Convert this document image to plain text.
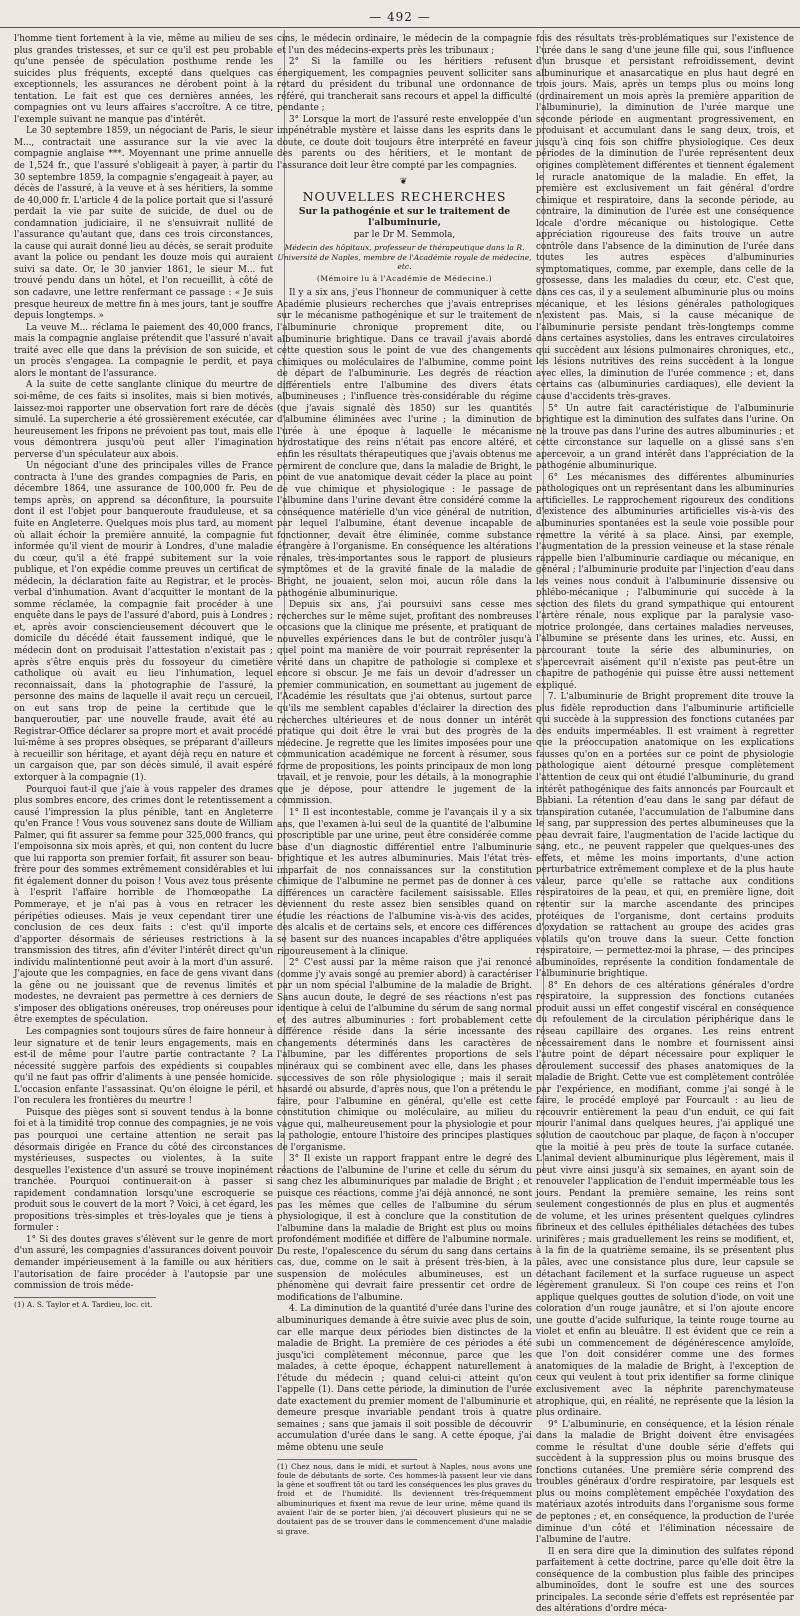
— 492 —

l'homme tient fortement à la vie, même au milieu de ses plus grandes tristesses, et sur ce qu'il est peu probable qu'une pensée de spéculation posthume rende les suicides plus fréquents, excepté dans quelques cas exceptionnels, les assurances ne dérobent point à la tentation. Le fait est que ces dernières années, les compagnies ont vu leurs affaires s'accroître. A ce titre, l'exemple suivant ne manque pas d'intérêt.

Le 30 septembre 1859, un négociant de Paris, le sieur M..., contractait une assurance sur la vie avec la compagnie anglaise ***. Moyennant une prime annuelle de 1,524 fr., que l'assuré s'obligeait à payer, à partir du 30 septembre 1859, la compagnie s'engageait à payer, au décès de l'assuré, à la veuve et à ses héritiers, la somme de 40,000 fr. L'article 4 de la police portait que si l'assuré perdait la vie par suite de suicide, de duel ou de condamnation judiciaire, il ne s'ensuivrait nullité de l'assurance qu'autant que, dans ces trois circonstances, la cause qui aurait donné lieu au décès, se serait produite avant la police ou pendant les douze mois qui auraient suivi sa date. Or, le 30 janvier 1861, le sieur M... fut trouvé pendu dans un hôtel, et l'on recueillit, à côté de son cadavre, une lettre renfermant ce passage : « Je suis presque heureux de mettre fin à mes jours, tant je souffre depuis longtemps. »

La veuve M... réclama le paiement des 40,000 francs, mais la compagnie anglaise prétendit que l'assuré n'avait traité avec elle que dans la prévision de son suicide, et un procès s'engagea. La compagnie le perdit, et paya alors le montant de l'assurance.

A la suite de cette sanglante clinique du meurtre de soi-même, de ces faits si insolites, mais si bien motivés, laissez-moi rapporter une observation fort rare de décès simulé. La supercherie a été grossièrement exécutée, car heureusement les fripons ne prévoient pas tout, mais elle vous démontrera jusqu'où peut aller l'imagination perverse d'un spéculateur aux abois.

Un négociant d'une des principales villes de France contracta à l'une des grandes compagnies de Paris, en décembre 1864, une assurance de 100,000 fr. Peu de temps après, on apprend sa déconfiture, la poursuite dont il est l'objet pour banqueroute frauduleuse, et sa fuite en Angleterre. Quelques mois plus tard, au moment où allait échoir la première annuité, la compagnie fut informée qu'il vient de mourir à Londres, d'une maladie du cœur, qu'il a été frappé subitement sur la voie publique, et l'on expédie comme preuves un certificat de médecin, la déclaration faite au Registrar, et le procès-verbal d'inhumation. Avant d'acquitter le montant de la somme réclamée, la compagnie fait procéder à une enquête dans le pays de l'assuré d'abord, puis à Londres ; et, après avoir consciencieusement découvert que le domicile du décédé était faussement indiqué, que le médecin dont on produisait l'attestation n'existait pas ; après s'être enquis près du fossoyeur du cimetière catholique où avait eu lieu l'inhumation, lequel reconnaissait, dans la photographie de l'assuré, la personne des mains de laquelle il avait reçu un cercueil, on eut sans trop de peine la certitude que le banqueroutier, par une nouvelle fraude, avait été au Registrar-Office déclarer sa propre mort et avait procédé lui-même à ses propres obsèques, se préparant d'ailleurs à recueillir son héritage, et ayant déjà reçu en nature et un cargaison que, par son décès simulé, il avait espéré extorquer à la compagnie (1).

Pourquoi faut-il que j'aie à vous rappeler des drames plus sombres encore, des crimes dont le retentissement a causé l'impression la plus pénible, tant en Angleterre qu'en France ! Vous vous souvenez sans doute de William Palmer, qui fit assurer sa femme pour 325,000 francs, qui l'empoisonna six mois après, et qui, non content du lucre que lui rapporta son premier forfait, fit assurer son beau-frère pour des sommes extrêmement considérables et lui fit également donner du poison ! Vous avez tous présente à l'esprit l'affaire horrible de l'homœopathe La Pommeraye, et je n'ai pas à vous en retracer les péripéties odieuses. Mais je veux cependant tirer une conclusion de ces deux faits : c'est qu'il importe d'apporter désormais de sérieuses restrictions à la transmission des titres, afin d'éviter l'intérêt direct qu'un individu malintentionné peut avoir à la mort d'un assuré. J'ajoute que les compagnies, en face de gens vivant dans la gêne ou ne jouissant que de revenus limités et modestes, ne devraient pas permettre à ces derniers de s'imposer des obligations onéreuses, trop onéreuses pour être exemptes de spéculation.

Les compagnies sont toujours sûres de faire honneur à leur signature et de tenir leurs engagements, mais en est-il de même pour l'autre partie contractante ? La nécessité suggère parfois des expédients si coupables qu'il ne faut pas offrir d'aliments à une pensée homicide. L'occasion enfante l'assassinat. Qu'on éloigne le péril, et l'on reculera les frontières du meurtre !

Puisque des pièges sont si souvent tendus à la bonne foi et à la timidité trop connue des compagnies, je ne vois pas pourquoi une certaine attention ne serait pas désormais dirigée en France du côté des circonstances mystérieuses, suspectes ou violentes, à la suite desquelles l'existence d'un assuré se trouve inopinément tranchée. Pourquoi continuerait-on à passer si rapidement condamnation lorsqu'une escroquerie se produit sous le couvert de la mort ? Voici, à cet égard, les propositions très-simples et très-loyales que je tiens à formuler :

1° Si des doutes graves s'élèvent sur le genre de mort d'un assuré, les compagnies d'assurances doivent pouvoir demander impérieusement à la famille ou aux héritiers l'autorisation de faire procéder à l'autopsie par une commission de trois méde-

(1) A. S. Taylor et A. Tardieu, loc. cit.

cins, le médecin ordinaire, le médecin de la compagnie et l'un des médecins-experts près les tribunaux ;

2° Si la famille ou les héritiers refusent énergiquement, les compagnies peuvent solliciter sans retard du président du tribunal une ordonnance de référé, qui trancherait sans recours et appel la difficulté pendante ;

3° Lorsque la mort de l'assuré reste enveloppée d'un impénétrable mystère et laisse dans les esprits dans le doute, ce doute doit toujours être interprété en faveur des parents ou des héritiers, et le montant de l'assurance doit leur être compté par les compagnies.

❦
NOUVELLES RECHERCHES
Sur la pathogénie et sur le traitement de l'albuminurie,
par le Dr M. Semmola,
Médecin des hôpitaux, professeur de thérapeutique dans la R. Université de Naples, membre de l'Académie royale de médecine, etc.
(Mémoire lu à l'Académie de Médecine.)

Il y a six ans, j'eus l'honneur de communiquer à cette Académie plusieurs recherches que j'avais entreprises sur le mécanisme pathogénique et sur le traitement de l'albuminurie chronique proprement dite, ou albuminurie brightique. Dans ce travail j'avais abordé cette question sous le point de vue des changements chimiques ou moléculaires de l'albumine, comme point de départ de l'albuminurie. Les degrés de réaction différentiels entre l'albumine des divers états albumineuses ; l'influence très-considérable du régime (que j'avais signalé dès 1850) sur les quantités d'albumine éliminées avec l'urine ; la diminution de l'urée à une époque à laquelle le mécanisme hydrostatique des reins n'était pas encore altéré, et enfin les résultats thérapeutiques que j'avais obtenus me permirent de conclure que, dans la maladie de Bright, le point de vue anatomique devait céder la place au point de vue chimique et physiologique : le passage de l'albumine dans l'urine devant être considéré comme la conséquence matérielle d'un vice général de nutrition, par lequel l'albumine, étant devenue incapable de fonctionner, devait être éliminée, comme substance étrangère à l'organisme. En conséquence les altérations rénales, très-importantes sous le rapport de plusieurs symptômes et de la gravité finale de la maladie de Bright, ne jouaient, selon moi, aucun rôle dans la pathogénie albuminurique.

Depuis six ans, j'ai poursuivi sans cesse mes recherches sur le même sujet, profitant des nombreuses occasions que la clinique me présente, et pratiquant de nouvelles expériences dans le but de contrôler jusqu'à quel point ma manière de voir pourrait représenter la vérité dans un chapitre de pathologie si complexe et encore si obscur. Je me fais un devoir d'adresser un premier communication, en soumettant au jugement de l'Académie les résultats que j'ai obtenus, surtout parce qu'ils me semblent capables d'éclairer la direction des recherches ultérieures et de nous donner un intérêt pratique qui doit être le vrai but des progrès de la médecine. Je regrette que les limites imposées pour une communication académique ne forcent à résumer, sous forme de propositions, les points principaux de mon long travail, et je renvoie, pour les détails, à la monographie que je dépose, pour attendre le jugement de la commission.

1° Il est incontestable, comme je l'avançais il y a six ans, que l'examen à-lui seul de la quantité de l'albumine proscriptible par une urine, peut être considérée comme base d'un diagnostic différentiel entre l'albuminurie brightique et les autres albuminuries. Mais l'état très-imparfait de nos connaissances sur la constitution chimique de l'albumine ne permet pas de donner à ces différences un caractère facilement saisissable. Elles deviennent du reste assez bien sensibles quand on étudie les réactions de l'albumine vis-à-vis des acides, des alcalis et de certains sels, et encore ces différences se basent sur des nuances incapables d'être appliquées rigoureusement à la clinique.

2° C'est aussi par la même raison que j'ai renoncé (comme j'y avais songé au premier abord) à caractériser par un nom spécial l'albumine de la maladie de Bright. Sans aucun doute, le degré de ses réactions n'est pas identique à celui de l'albumine du sérum de sang normal et des autres albuminuries : fort probablement cette différence réside dans la série incessante des changements déterminés dans les caractères de l'albumine, par les différentes proportions de sels minéraux qui se combinent avec elle, dans les phases successives de son rôle physiologique ; mais il serait hasardé ou absurde, d'après nous, que l'on a prétendu le faire, pour l'albumine en général, qu'elle est cette constitution chimique ou moléculaire, au milieu du vague qui, malheureusement pour la physiologie et pour la pathologie, entoure l'histoire des principes plastiques de l'organisme.

3° Il existe un rapport frappant entre le degré des réactions de l'albumine de l'urine et celle du sérum du sang chez les albuminuriques par maladie de Bright ; et puisque ces réactions, comme j'ai déjà annoncé, ne sont pas les mêmes que celles de l'albumine du sérum physiologique, il est à conclure que la constitution de l'albumine dans la maladie de Bright est plus ou moins profondément modifiée et diffère de l'albumine normale. Du reste, l'opalescence du sérum du sang dans certains cas, due, comme on le sait à présent très-bien, à la suspension de molécules albumineuses, est un phénomène qui devrait faire pressentir cet ordre de modifications de l'albumine.

4. La diminution de la quantité d'urée dans l'urine des albuminuriques demande à être suivie avec plus de soin, car elle marque deux périodes bien distinctes de la maladie de Bright. La première de ces périodes a été jusqu'ici complètement méconnue, parce que les malades, à cette époque, échappent naturellement à l'étude du médecin ; quand celui-ci atteint qu'on l'appelle (1). Dans cette période, la diminution de l'urée date exactement du premier moment de l'albuminurie et demeure presque invariable pendant trois à quatre semaines ; sans que jamais il soit possible de découvrir accumulation d'urée dans le sang. A cette époque, j'ai même obtenu une seule

(1) Chez nous, dans le midi, et surtout à Naples, nous avons une foule de débutants de sorte. Ces hommes-là passent leur vie dans la gène et souffrent tôt ou tard les conséquences les plus graves du froid et de l'humidité. Ils deviennent très-fréquemment albuminuriques et fixent ma revue de leur urine, même quand ils avaient l'air de se porter bien, j'ai découvert plusieurs qui ne se doutaient pas de se trouver dans le commencement d'une maladie si grave.

fois des résultats très-problématiques sur l'existence de l'urée dans le sang d'une jeune fille qui, sous l'influence d'un brusque et persistant refroidissement, devint albuminurique et anasarcatique en plus haut degré en trois jours. Mais, après un temps plus ou moins long (ordinairement un mois après la première apparition de l'albuminurie), la diminution de l'urée marque une seconde période en augmentant progressivement, en produisant et accumulant dans le sang deux, trois, et jusqu'à cinq fois son chiffre physiologique. Ces deux périodes de la diminution de l'urée représentent deux origines complètement différentes et tiennent également le ruracle anatomique de la maladie. En effet, la première est exclusivement un fait général d'ordre chimique et respiratoire, dans la seconde période, au contraire, la diminution de l'urée est une conséquence locale d'ordre mécanique ou histologique. Cette appréciation rigoureuse des faits trouve un autre contrôle dans l'absence de la diminution de l'urée dans toutes les autres espèces d'albuminuries symptomatiques, comme, par exemple, dans celle de la grossesse, dans les maladies du cœur, etc. C'est que, dans ces cas, il y a seulement albuminurie plus ou moins mécanique, et les lésions générales pathologiques n'existent pas. Mais, si la cause mécanique de l'albuminurie persiste pendant très-longtemps comme dans certaines asystolies, dans les entraves circulatoires qui succèdent aux lésions pulmonaires chroniques, etc., les lésions nutritives des reins succèdent à la longue avec elles, la diminution de l'urée commence ; et, dans certains cas (albuminuries cardiaques), elle devient la cause d'accidents très-graves.

5° Un autre fait caractéristique de l'albuminurie brightique est la diminution des sulfates dans l'urine. On ne la trouve pas dans l'urine des autres albuminuries ; et cette circonstance sur laquelle on a glissé sans s'en apercevoir, a un grand intérêt dans l'appréciation de la pathogénie albuminurique.

6° Les mécanismes des différentes albuminuries pathologiques ont un représentant dans les albuminuries artificielles. Le rapprochement rigoureux des conditions d'existence des albuminuries artificielles vis-à-vis des albuminuries spontanées est la seule voie possible pour remettre la vérité à sa place. Ainsi, par exemple, l'augmentation de la pression veineuse et la stase rénale rappelle bien l'albuminurie cardiaque ou mécanique, en général ; l'albuminurie produite par l'injection d'eau dans les veines nous conduit à l'albuminurie dissensive ou phlébo-mécanique ; l'albuminurie qui succède à la section des filets du grand sympathique qui entourent l'artère rénale, nous explique par la paralysie vaso-motrice prolongée, dans certaines maladies nerveuses, l'albumine se présente dans les urines, etc. Aussi, en parcourant toute la série des albuminuries, on s'apercevrait aisément qu'il n'existe pas peut-être un chapitre de pathogénie qui puisse être aussi nettement expliqué.

7. L'albuminurie de Bright proprement dite trouve la plus fidèle reproduction dans l'albuminurie artificielle qui succède à la suppression des fonctions cutanées par des enduits imperméables. Il est vraiment à regretter que la préoccupation anatomique on les explications fausses qu'on en a portées sur ce point de physiologie pathologique aient détourné presque complètement l'attention de ceux qui ont étudié l'albuminurie, du grand intérêt pathogénique des faits annoncés par Fourcault et Babiani. La rétention d'eau dans le sang par défaut de transpiration cutanée, l'accumulation de l'albumine dans le sang, par suppression des pertes albumineuses que la peau devrait faire, l'augmentation de l'acide lactique du sang, etc., ne peuvent rappeler que quelques-unes des effets, et même les moins importants, d'une action perturbatrice extrêmement complexe et de la plus haute valeur, parce qu'elle se rattache aux conditions respiratoires de la peau, et qui, en première ligne, doit retentir sur la marche ascendante des principes protéiques de l'organisme, dont certains produits d'oxydation se rattachent au groupe des acides gras volatils qu'on trouve dans la sueur. Cette fonction respiratoire, — permettez-moi la phrase, — des principes albuminoïdes, représente la condition fondamentale de l'albuminurie brightique.

8° En dehors de ces altérations générales d'ordre respiratoire, la suppression des fonctions cutanées produit aussi un effet congestif viscéral en conséquence du refoulement de la circulation périphérique dans le réseau capillaire des organes. Les reins entrent nécessairement dans le nombre et fournissent ainsi l'autre point de départ nécessaire pour expliquer le déroulement successif des phases anatomiques de la maladie de Bright. Cette vue est complètement contrôlée par l'expérience, en modifiant, comme j'ai songé à le faire, le procédé employé par Fourcault : au lieu de recouvrir entièrement la peau d'un enduit, ce qui fait mourir l'animal dans quelques heures, j'ai appliqué une solution de caoutchouc par plaque, de façon à n'occuper que la moitié à peu près de toute la surface cutanée. L'animal devient albuminurique plus légèrement, mais il peut vivre ainsi jusqu'à six semaines, en ayant soin de renouveler l'application de l'enduit imperméable tous les jours. Pendant la première semaine, les reins sont seulement congestionnés de plus en plus et augmentés de volume, et les urines présentent quelques cylindres fibrineux et des cellules épithéliales détachées des tubes urinifères ; mais graduellement les reins se modifient, et, à la fin de la quatrième semaine, ils se présentent plus pâles, avec une consistance plus dure, leur capsule se détachant facilement et la surface rugueuse un aspect légèrement granuleux. Si l'on coupe ces reins et l'on applique quelques gouttes de solution d'iode, on voit une coloration d'un rouge jaunâtre, et si l'on ajoute encore une goutte d'acide sulfurique, la teinte rouge tourne au violet et enfin au bleuâtre. Il est évident que ce rein a subi un commencement de dégénérescence amyloïde, que l'on doit considérer comme une des formes anatomiques de la maladie de Bright, à l'exception de ceux qui veulent à tout prix identifier sa forme clinique exclusivement avec la néphrite parenchymateuse atrophique, qui, en réalité, ne représente que la lésion la plus ordinaire.

9° L'albuminurie, en conséquence, et la lésion rénale dans la maladie de Bright doivent être envisagées comme le résultat d'une double série d'effets qui succèdent à la suppression plus ou moins brusque des fonctions cutanées. Une première série comprend des troubles généraux d'ordre respiratoire, par lesquels est plus ou moins complètement empêchée l'oxydation des matériaux azotés introduits dans l'organisme sous forme de peptones ; et, en conséquence, la production de l'urée diminue d'un côté et l'élimination nécessaire de l'albumine de l'autre.

Il en sera dire que la diminution des sulfates répond parfaitement à cette doctrine, parce qu'elle doit être la conséquence de la combustion plus faible des principes albuminoïdes, dont le soufre est une des sources principales. La seconde série d'effets est représentée par des altérations d'ordre méca-
